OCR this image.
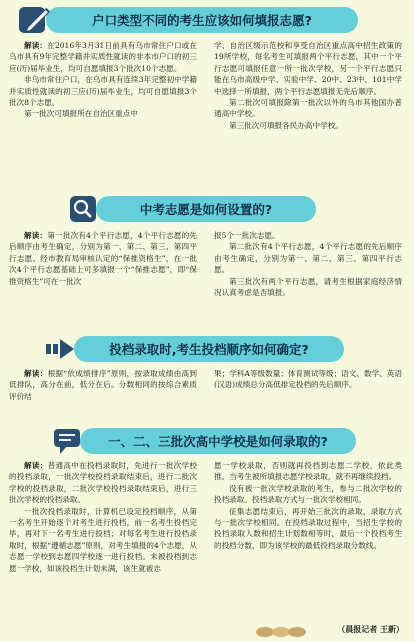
户口类型不同的考生应该如何填报志愿?

解读：在2016年3月31日前具有乌市常住户口或在乌市具有9年完整学籍并实质性就读的非本市户口的初三应(历)届毕业生，均可自愿填报3个批次10个志愿。

非乌市常住户口，在乌市具有连续3年完整初中学籍并实质性就读的初三应(历)届毕业生，均可自愿填报3个批次8个志愿。

第一批次可填报所在自治区重点中

学、自治区级示范校和享受自治区重点高中招生政策的19所学校，每名考生可填报两个平行志愿，其中一个平行志愿可填报任意一所一批次学校，另一个平行志愿只能在乌市高级中学、实验中学、20中、23中、101中学中选择一所填报，两个平行志愿填报无先后顺序。

第二批次可填报除第一批次以外的乌市其他国办普通高中学校。

第三批次可填报各民办高中学校。

中考志愿是如何设置的?

解读：第一批次有4个平行志愿，4个平行志愿的先后顺序由考生确定，分别为第一、第二、第三、第四平行志愿。经市教育局审核认定的“保推资格生”，在一批次4个平行志愿基础上可多填报一个“保推志愿”，即“保推资格生”可在一批次

报5个一批次志愿。

第二批次有4个平行志愿，4个平行志愿的先后顺序由考生确定，分别为第一、第二、第三、第四平行志愿。

第三批次有两个平行志愿，请考生根据家庭经济情况认真考虑是否填报。

投档录取时,考生投档顺序如何确定?

解读：根据“依成绩排序”原则，按录取成绩由高到低排队，高分在前，低分在后。分数相同的按综合素质评价结

果；学科A等级数量；体育测试等级；语文、数学、英语(汉语)成绩总分高低排定投档的先后顺序。

一、二、三批次高中学校是如何录取的?

解读：普通高中在投档录取时，先进行一批次学校的投档录取，一批次学校投档录取结束后，进行二批次学校的投档录取，二批次学校投档录取结束后，进行三批次学校的投档录取。

一批次投档录取时，计算机已设定投档顺序，从第一名考生开始逐个对考生进行投档，前一名考生投档完毕，再对下一名考生进行投档；对每名考生进行投档录取时，根据“遵循志愿”原则，对考生填报的4个志愿，从志愿一学校到志愿四学校逐一进行投档。未被投档到志愿一学校，如该投档生计划未满，该生就被志

愿一学校录取，否则就再投档到志愿二学校，依此类推。当考生被所填报志愿学校录取，就不再继续投档。

没有被一批次学校录取的考生，参与二批次学校的投档录取。投档录取方式与一批次学校相同。

征集志愿结束后，再开始三批次的录取，录取方式与一批次学校相同。在投档录取过程中，当招生学校的投档录取人数和招生计划数相等时，最后一个投档考生的投档分数，即为该学校的最低投档录取分数线。

（晨报记者 王新）
